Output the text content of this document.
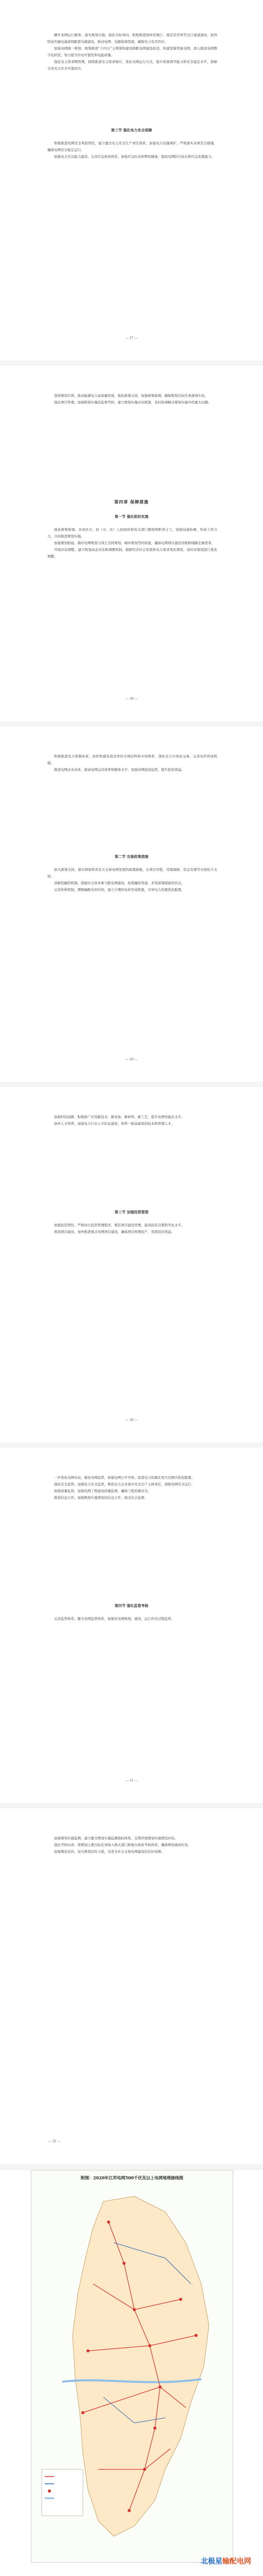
横开电网运行服务，落实规划实施，强化目标导向。积极推进扬州至镇江、南京至常州等过江通道建设，加快特高压输电通道和配套电源建设，推动电网、电源协调发展，确保电力有序供应。

加强电网统一规划，统筹推进“十四五”主网架构建设和配电网建设改造，构建坚强智能电网，深入推进电网数字化转型，努力提升供电可靠性和电能质量。

强化电力需求侧管理，持续推进电力需求响应，优化电网运行方式，提升系统调节能力和安全稳定水平，保障全省电力安全可靠供应。

第三节 强化电力安全保障

积极推进电网安全风险管控，建立健全电力安全生产责任体系，加强电力设施保护，严格落实各项安全措施，确保电网安全稳定运行。

加强电力应急能力建设，完善应急预案体系，加强应急队伍和物资储备，提高电网防灾抗灾和应急处置能力。

— 27 —

坚持规划引领，推动能源电力高质量发展，强化政策支持，加强统筹协调，确保规划目标任务落到实处。

强化项目管理，加强规划实施的监督考核，建立规划实施评估机制，及时协调解决规划实施中的重大问题。

第四章 保障措施
第一节 强化组织实施

强化统筹协调。各设区市、县（市、区）人民政府和有关部门要按照职责分工，加强沟通协调，形成工作合力，共同推进规划实施。

加强规划衔接。做好电网规划与国土空间规划、城乡规划等的衔接，确保电网项目建设用地和线路走廊需求。

开展评估调整。建立规划动态评估和调整机制，根据经济社会发展和电力需求变化情况，适时对规划进行优化调整。

— 28 —

积极推进电力体制改革，加快构建有效竞争的市场结构和市场体系，深化电力市场化交易，完善电价形成机制。

推进电网企业改革，提高电网运营效率和服务水平，加强电网投资监管，提升投资效益。

第二节 完善政策措施

加大政策支持。落实国家和省有关支持电网发展的政策措施，在项目审批、用地保障、资金安排等方面给予支持。

创新投融资机制。鼓励社会资本参与配电网建设，拓宽融资渠道，多渠道筹措建设资金。

完善价格机制。理顺输配电价结构，建立合理的电价形成机制，引导电力资源优化配置。

— 29 —

加强科技创新，积极推广应用新技术、新设备、新材料、新工艺，提升电网智能化水平。

加快人才培养，加强电力行业人才队伍建设，培养一批高素质的技术和管理人才。

第三节 加强投资管理

加强投资管控。严格执行投资管理程序，规范项目建设管理，提高投资决策科学化水平。

推进项目建设。加快推进重点电网项目建设，确保项目按期投产，发挥投资效益。

— 30 —

一步优化电网布局，强化电网监管，加强电网公平开放，促进电力资源在更大范围内优化配置。

强化安全监管。加强电力安全监管，督促电力企业落实安全生产主体责任，保障电网安全运行。

加强质量监管。加强电网工程建设质量监督，确保工程质量安全。

推进信息公开。加强规划实施情况的信息公开，接受社会监督。

第四节 强化监管考核

完善监管体系。健全电网监管体系，加强对电网规划、建设、运行的全过程监管。

— 31 —

加强规划实施监测，建立健全规划实施监测指标体系，定期开展规划实施情况评估。

强化考核问责。将规划主要目标任务纳入相关部门和地方政府考核体系，确保规划落到实处。

加强舆论宣传。加大规划宣传力度，营造全社会支持电网建设的良好氛围。

— 32 —
附图：2020年江苏电网500千伏及以上电网地理接线图
北极星输配电网
